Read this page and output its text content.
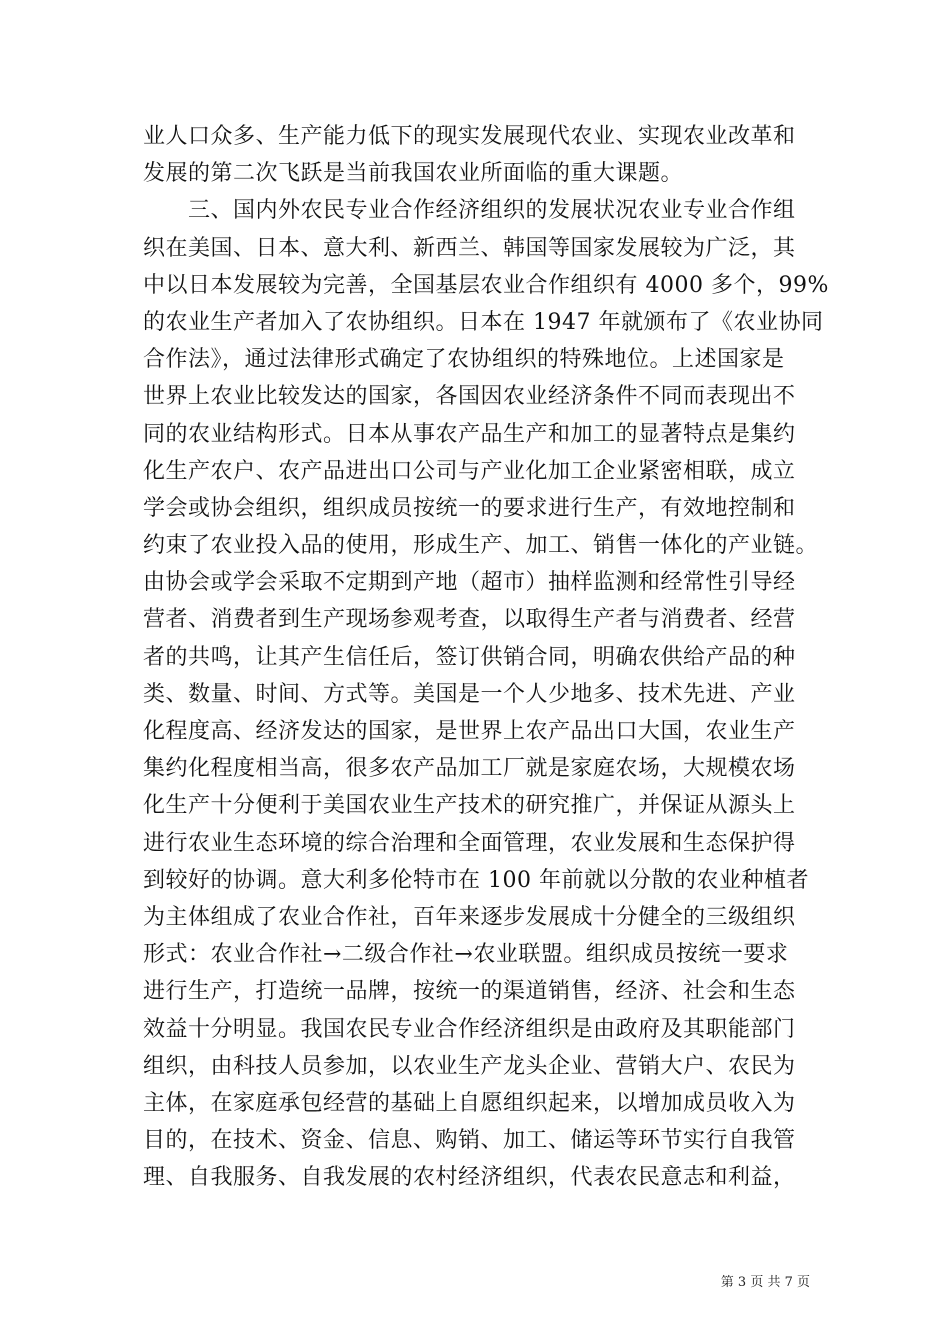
业人口众多、生产能力低下的现实发展现代农业、实现农业改革和
发展的第二次飞跃是当前我国农业所面临的重大课题。
　　三、国内外农民专业合作经济组织的发展状况农业专业合作组
织在美国、日本、意大利、新西兰、韩国等国家发展较为广泛，其
中以日本发展较为完善，全国基层农业合作组织有 4000 多个，99%
的农业生产者加入了农协组织。日本在 1947 年就颁布了《农业协同
合作法》，通过法律形式确定了农协组织的特殊地位。上述国家是
世界上农业比较发达的国家，各国因农业经济条件不同而表现出不
同的农业结构形式。日本从事农产品生产和加工的显著特点是集约
化生产农户、农产品进出口公司与产业化加工企业紧密相联，成立
学会或协会组织，组织成员按统一的要求进行生产，有效地控制和
约束了农业投入品的使用，形成生产、加工、销售一体化的产业链。
由协会或学会采取不定期到产地（超市）抽样监测和经常性引导经
营者、消费者到生产现场参观考查，以取得生产者与消费者、经营
者的共鸣，让其产生信任后，签订供销合同，明确农供给产品的种
类、数量、时间、方式等。美国是一个人少地多、技术先进、产业
化程度高、经济发达的国家，是世界上农产品出口大国，农业生产
集约化程度相当高，很多农产品加工厂就是家庭农场，大规模农场
化生产十分便利于美国农业生产技术的研究推广，并保证从源头上
进行农业生态环境的综合治理和全面管理，农业发展和生态保护得
到较好的协调。意大利多伦特市在 100 年前就以分散的农业种植者
为主体组成了农业合作社，百年来逐步发展成十分健全的三级组织
形式：农业合作社→二级合作社→农业联盟。组织成员按统一要求
进行生产，打造统一品牌，按统一的渠道销售，经济、社会和生态
效益十分明显。我国农民专业合作经济组织是由政府及其职能部门
组织，由科技人员参加，以农业生产龙头企业、营销大户、农民为
主体，在家庭承包经营的基础上自愿组织起来，以增加成员收入为
目的，在技术、资金、信息、购销、加工、储运等环节实行自我管
理、自我服务、自我发展的农村经济组织，代表农民意志和利益，
第 3 页 共 7 页
